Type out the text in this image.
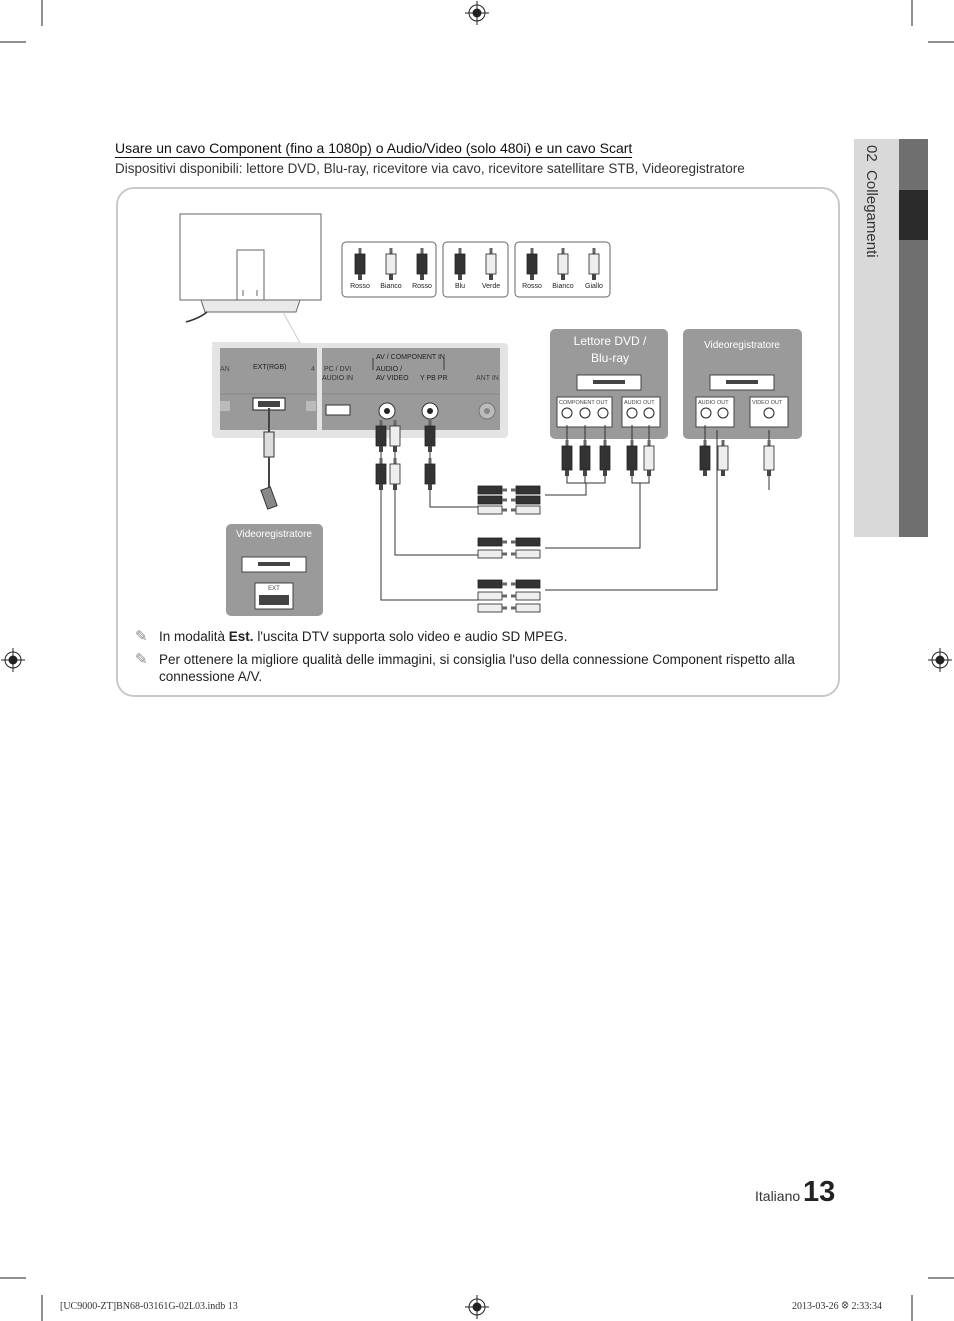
02  Collegamenti
Usare un cavo Component (fino a 1080p) o Audio/Video (solo 480i) e un cavo Scart
Dispositivi disponibili: lettore DVD, Blu-ray, ricevitore via cavo, ricevitore satellitare STB, Videoregistratore
AN	EXT(RGB)	4 PC / DVI
AUDIO IN
AV / COMPONENT IN
AUDIO /
AV VIDEO Y PB PR	ANT IN
Rosso Bianco Rosso	Blu Verde	Rosso Bianco Giallo
Lettore DVD /
Blu-ray
COMPONENT OUT	AUDIO OUT
Videoregistratore
AUDIO OUT	VIDEO OUT
Videoregistratore
EXT
✎ In modalità Est. l'uscita DTV supporta solo video e audio SD MPEG.
✎ Per ottenere la migliore qualità delle immagini, si consiglia l'uso della connessione Component rispetto alla connessione A/V.
Italiano 13
[UC9000-ZT]BN68-03161G-02L03.indb 13	2013-03-26 ꕕ 2:33:34
